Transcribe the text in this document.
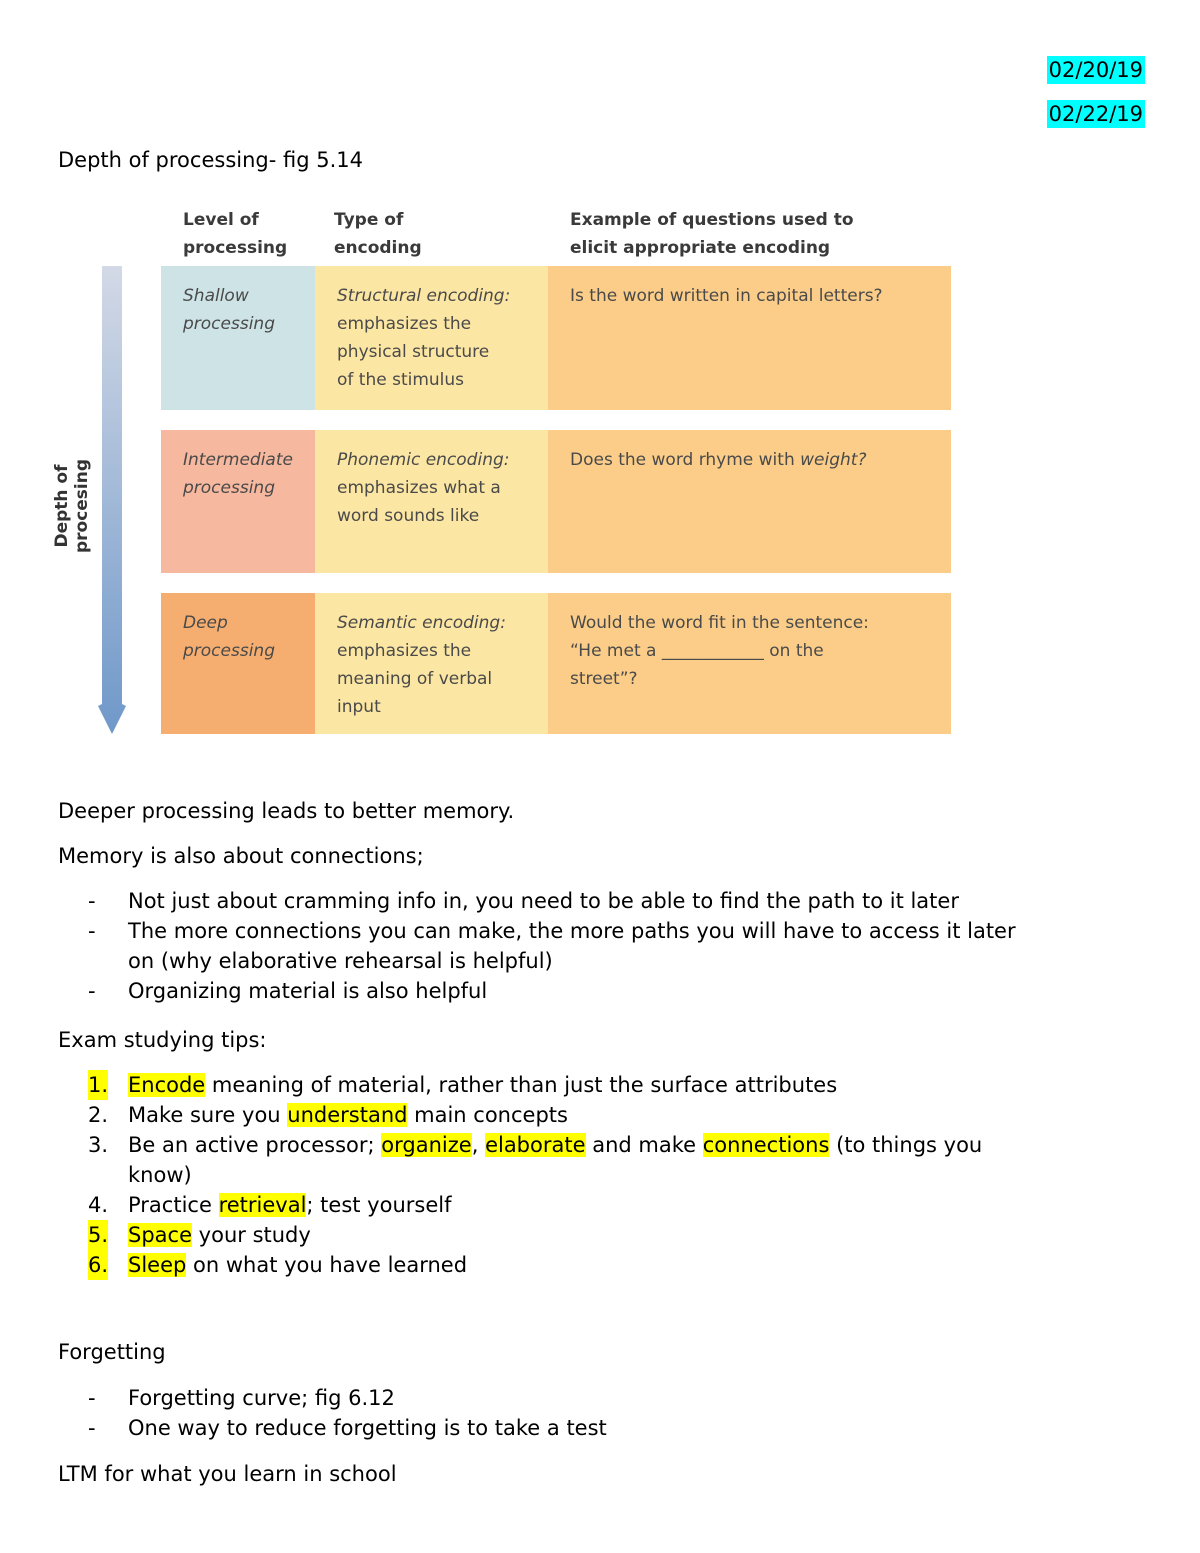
02/20/19
02/22/19
Depth of processing- fig 5.14
Depth of procesing
Level of
processing
Type of
encoding
Example of questions used to
elicit appropriate encoding
Shallow
processing
Structural encoding:
emphasizes the
physical structure
of the stimulus
Is the word written in capital letters?
Intermediate
processing
Phonemic encoding:
emphasizes what a
word sounds like
Does the word rhyme with weight?
Deep
processing
Semantic encoding:
emphasizes the
meaning of verbal
input
Would the word fit in the sentence:
“He met a ____________ on the
street”?
Deeper processing leads to better memory.
Memory is also about connections;
- Not just about cramming info in, you need to be able to find the path to it later
- The more connections you can make, the more paths you will have to access it later
on (why elaborative rehearsal is helpful)
- Organizing material is also helpful
Exam studying tips:
1. Encode meaning of material, rather than just the surface attributes
2. Make sure you understand main concepts
3. Be an active processor; organize, elaborate and make connections (to things you
know)
4. Practice retrieval; test yourself
5. Space your study
6. Sleep on what you have learned
Forgetting
- Forgetting curve; fig 6.12
- One way to reduce forgetting is to take a test
LTM for what you learn in school
